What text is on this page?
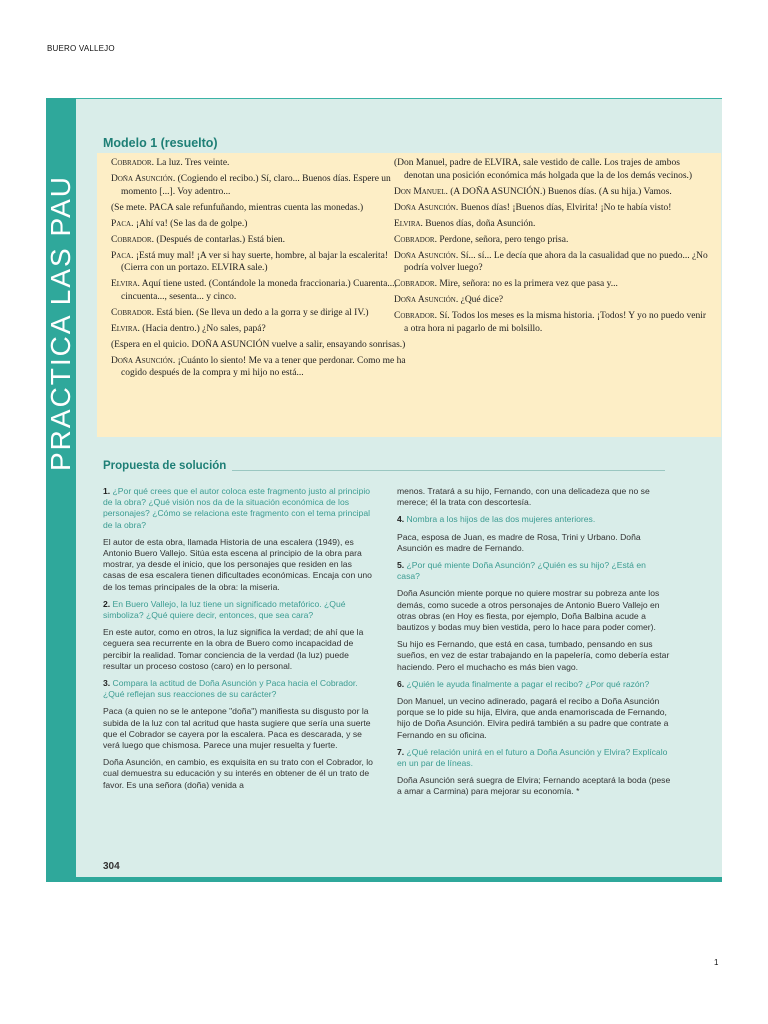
BUERO VALLEJO
PRACTICA LAS PAU
Modelo 1 (resuelto)

Cobrador. La luz. Tres veinte.

Doña Asunción. (Cogiendo el recibo.) Sí, claro... Buenos días. Espere un momento [...]. Voy adentro...

(Se mete. PACA sale refunfuñando, mientras cuenta las monedas.)

Paca. ¡Ahí va! (Se las da de golpe.)

Cobrador. (Después de contarlas.) Está bien.

Paca. ¡Está muy mal! ¡A ver si hay suerte, hombre, al bajar la escalerita! (Cierra con un portazo. ELVIRA sale.)

Elvira. Aquí tiene usted. (Contándole la moneda fraccionaria.) Cuarenta..., cincuenta..., sesenta... y cinco.

Cobrador. Está bien. (Se lleva un dedo a la gorra y se dirige al IV.)

Elvira. (Hacia dentro.) ¿No sales, papá?

(Espera en el quicio. DOÑA ASUNCIÓN vuelve a salir, ensayando sonrisas.)

Doña Asunción. ¡Cuánto lo siento! Me va a tener que perdonar. Como me ha cogido después de la compra y mi hijo no está...

(Don Manuel, padre de ELVIRA, sale vestido de calle. Los trajes de ambos denotan una posición económica más holgada que la de los demás vecinos.)

Don Manuel. (A DOÑA ASUNCIÓN.) Buenos días. (A su hija.) Vamos.

Doña Asunción. Buenos días! ¡Buenos días, Elvirita! ¡No te había visto!

Elvira. Buenos días, doña Asunción.

Cobrador. Perdone, señora, pero tengo prisa.

Doña Asunción. Sí... sí... Le decía que ahora da la casualidad que no puedo... ¿No podría volver luego?

Cobrador. Mire, señora: no es la primera vez que pasa y...

Doña Asunción. ¿Qué dice?

Cobrador. Sí. Todos los meses es la misma historia. ¡Todos! Y yo no puedo venir a otra hora ni pagarlo de mi bolsillo.

Propuesta de solución

1. ¿Por qué crees que el autor coloca este fragmento justo al principio de la obra? ¿Qué visión nos da de la situación económica de los personajes? ¿Cómo se relaciona este fragmento con el tema principal de la obra?

El autor de esta obra, llamada Historia de una escalera (1949), es Antonio Buero Vallejo. Sitúa esta escena al principio de la obra para mostrar, ya desde el inicio, que los personajes que residen en las casas de esa escalera tienen dificultades económicas. Encaja con uno de los temas principales de la obra: la miseria.

2. En Buero Vallejo, la luz tiene un significado metafórico. ¿Qué simboliza? ¿Qué quiere decir, entonces, que sea cara?

En este autor, como en otros, la luz significa la verdad; de ahí que la ceguera sea recurrente en la obra de Buero como incapacidad de percibir la realidad. Tomar conciencia de la verdad (la luz) puede resultar un proceso costoso (caro) en lo personal.

3. Compara la actitud de Doña Asunción y Paca hacia el Cobrador. ¿Qué reflejan sus reacciones de su carácter?

Paca (a quien no se le antepone "doña") manifiesta su disgusto por la subida de la luz con tal acritud que hasta sugiere que sería una suerte que el Cobrador se cayera por la escalera. Paca es descarada, y se verá luego que chismosa. Parece una mujer resuelta y fuerte.

Doña Asunción, en cambio, es exquisita en su trato con el Cobrador, lo cual demuestra su educación y su interés en obtener de él un trato de favor. Es una señora (doña) venida a

menos. Tratará a su hijo, Fernando, con una delicadeza que no se merece; él la trata con descortesía.

4. Nombra a los hijos de las dos mujeres anteriores.

Paca, esposa de Juan, es madre de Rosa, Trini y Urbano. Doña Asunción es madre de Fernando.

5. ¿Por qué miente Doña Asunción? ¿Quién es su hijo? ¿Está en casa?

Doña Asunción miente porque no quiere mostrar su pobreza ante los demás, como sucede a otros personajes de Antonio Buero Vallejo en otras obras (en Hoy es fiesta, por ejemplo, Doña Balbina acude a bautizos y bodas muy bien vestida, pero lo hace para poder comer).

Su hijo es Fernando, que está en casa, tumbado, pensando en sus sueños, en vez de estar trabajando en la papelería, como debería estar haciendo. Pero el muchacho es más bien vago.

6. ¿Quién le ayuda finalmente a pagar el recibo? ¿Por qué razón?

Don Manuel, un vecino adinerado, pagará el recibo a Doña Asunción porque se lo pide su hija, Elvira, que anda enamoriscada de Fernando, hijo de Doña Asunción. Elvira pedirá también a su padre que contrate a Fernando en su oficina.

7. ¿Qué relación unirá en el futuro a Doña Asunción y Elvira? Explícalo en un par de líneas.

Doña Asunción será suegra de Elvira; Fernando aceptará la boda (pese a amar a Carmina) para mejorar su economía. *

304
1
